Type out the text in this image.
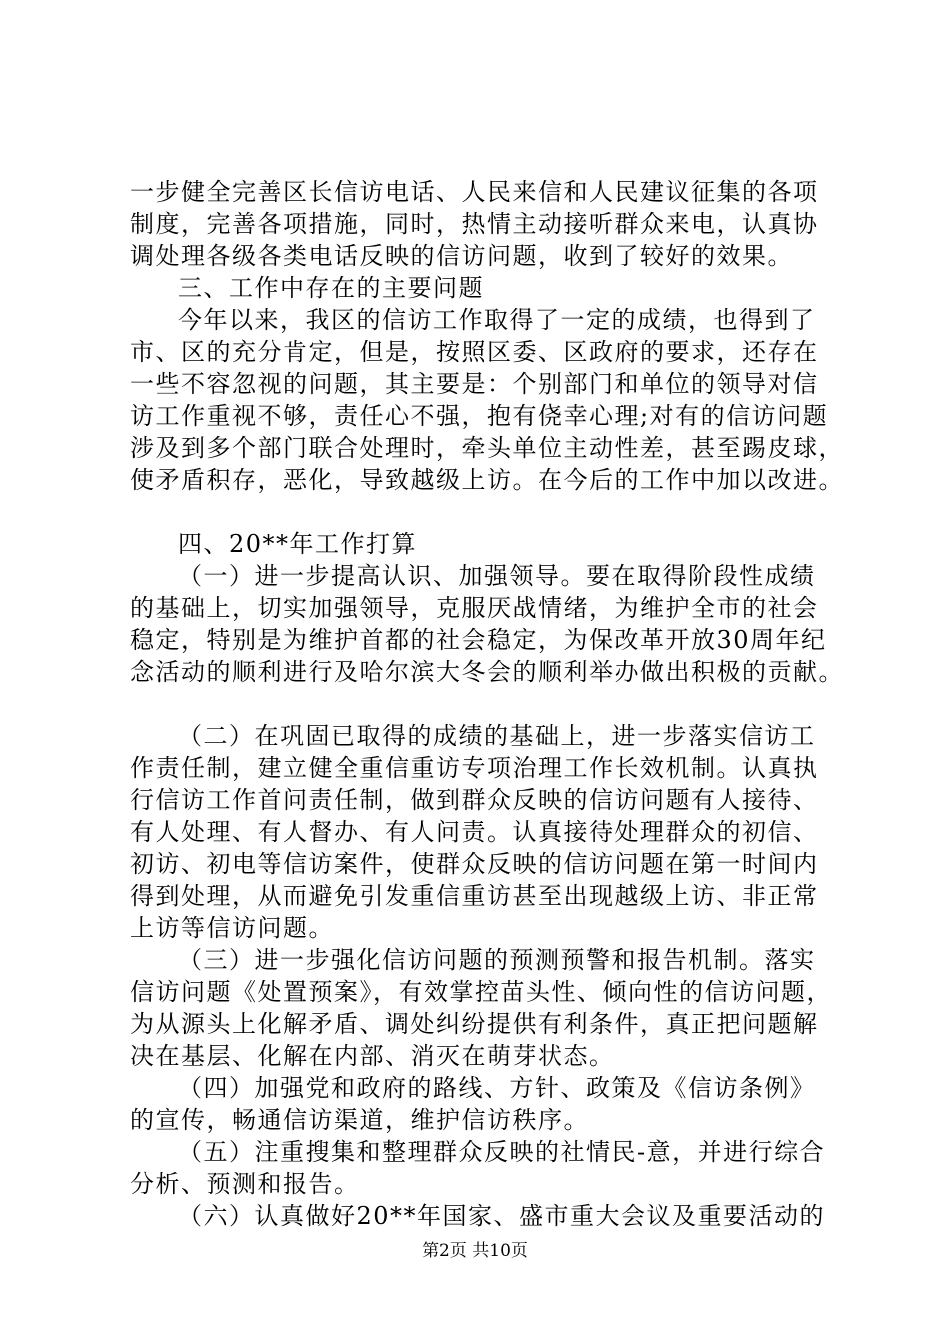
一步健全完善区长信访电话、人民来信和人民建议征集的各项
制度，完善各项措施，同时，热情主动接听群众来电，认真协
调处理各级各类电话反映的信访问题，收到了较好的效果。
三、工作中存在的主要问题
今年以来，我区的信访工作取得了一定的成绩，也得到了
市、区的充分肯定，但是，按照区委、区政府的要求，还存在
一些不容忽视的问题，其主要是：个别部门和单位的领导对信
访工作重视不够，责任心不强，抱有侥幸心理;对有的信访问题
涉及到多个部门联合处理时，牵头单位主动性差，甚至踢皮球，
使矛盾积存，恶化，导致越级上访。在今后的工作中加以改进。
四、20**年工作打算
（一）进一步提高认识、加强领导。要在取得阶段性成绩
的基础上，切实加强领导，克服厌战情绪，为维护全市的社会
稳定，特别是为维护首都的社会稳定，为保改革开放30周年纪
念活动的顺利进行及哈尔滨大冬会的顺利举办做出积极的贡献。
（二）在巩固已取得的成绩的基础上，进一步落实信访工
作责任制，建立健全重信重访专项治理工作长效机制。认真执
行信访工作首问责任制，做到群众反映的信访问题有人接待、
有人处理、有人督办、有人问责。认真接待处理群众的初信、
初访、初电等信访案件，使群众反映的信访问题在第一时间内
得到处理，从而避免引发重信重访甚至出现越级上访、非正常
上访等信访问题。
（三）进一步强化信访问题的预测预警和报告机制。落实
信访问题《处置预案》，有效掌控苗头性、倾向性的信访问题，
为从源头上化解矛盾、调处纠纷提供有利条件，真正把问题解
决在基层、化解在内部、消灭在萌芽状态。
（四）加强党和政府的路线、方针、政策及《信访条例》
的宣传，畅通信访渠道，维护信访秩序。
（五）注重搜集和整理群众反映的社情民-意，并进行综合
分析、预测和报告。
（六）认真做好20**年国家、盛市重大会议及重要活动的
第2页 共10页
